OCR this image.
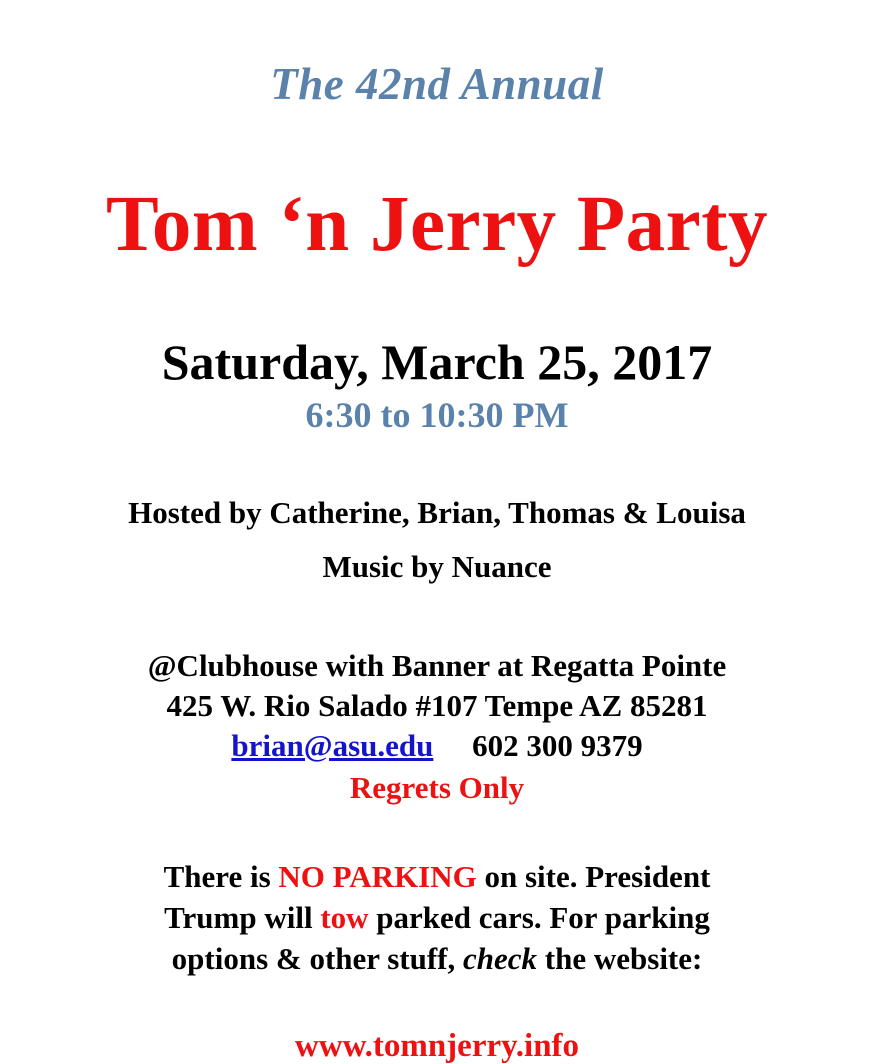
The 42nd Annual
Tom ‘n Jerry Party
Saturday, March 25, 2017
6:30 to 10:30 PM
Hosted by Catherine, Brian, Thomas & Louisa
Music by Nuance
@Clubhouse with Banner at Regatta Pointe
425 W. Rio Salado #107 Tempe AZ 85281
brian@asu.edu 602 300 9379
Regrets Only
There is NO PARKING on site. President
Trump will tow parked cars. For parking
options & other stuff, check the website:
www.tomnjerry.info
